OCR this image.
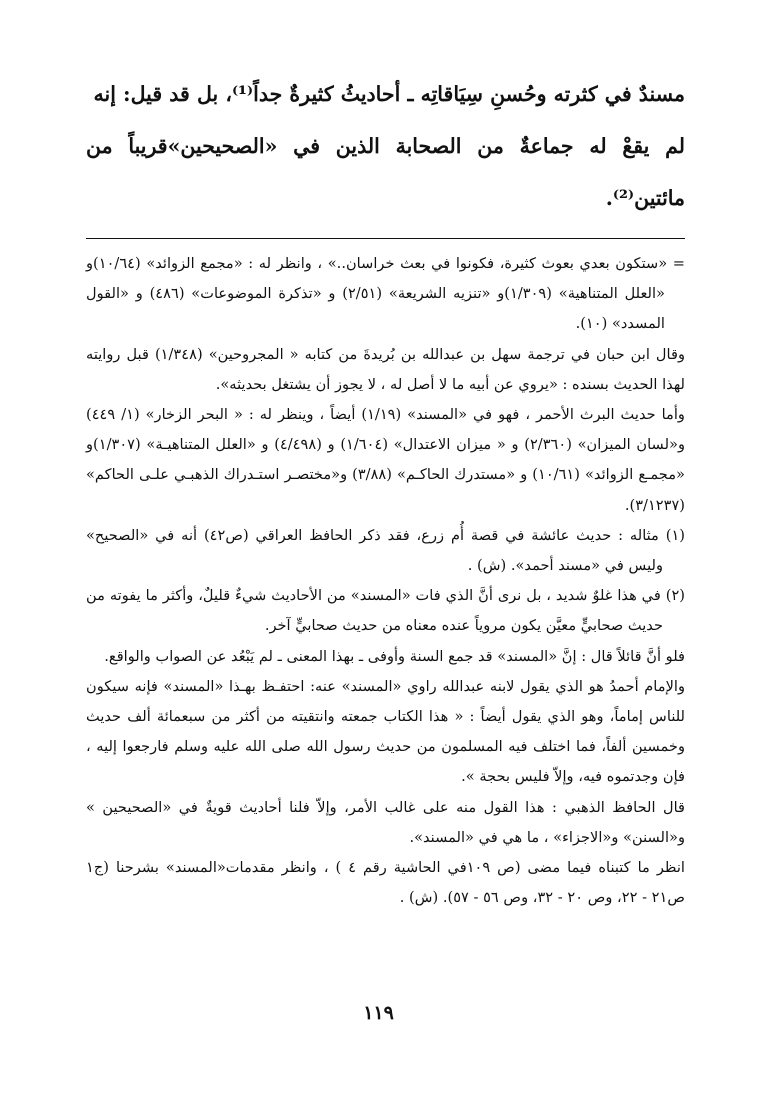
مسندٌ في كثرته وحُسنِ سِيَاقاتِه ـ أحاديثُ كثيرةٌ جداً⁽¹⁾، بل قد قيل: إنه

لم يقعْ له جماعةٌ من الصحابة الذين في «الصحيحين»قريباً من مائتين⁽²⁾.

= «ستكون بعدي بعوث كثيرة، فكونوا في بعث خراسان..» ، وانظر له : «مجمع الزوائد» (١٠/٦٤)و «العلل المتناهية» (١/٣٠٩)و «تنزيه الشريعة» (٢/٥١) و «تذكرة الموضوعات» (٤٨٦) و «القول المسدد» (١٠).

وقال ابن حبان في ترجمة سهل بن عبدالله بن بُريدةَ من كتابه « المجروحين» (١/٣٤٨) قبل روايته لهذا الحديث بسنده : «يروي عن أبيه ما لا أصل له ، لا يجوز أن يشتغل بحديثه».

وأما حديث البرث الأحمر ، فهو في «المسند» (١/١٩) أيضاً ، وينظر له : « البحر الزخار» (١/ ٤٤٩) و«لسان الميزان» (٢/٣٦٠) و « ميزان الاعتدال» (١/٦٠٤) و (٤/٤٩٨) و «العلل المتناهيـة» (١/٣٠٧)و «مجمـع الزوائد» (١٠/٦١) و «مستدرك الحاكـم» (٣/٨٨) و«مختصـر استـدراك الذهبـي علـى الحاكم» (٣/١٢٣٧).

(١) مثاله : حديث عائشة في قصة أُم زرع، فقد ذكر الحافظ العراقي (ص٤٢) أنه في «الصحيح» وليس في «مسند أحمد». (ش) .

(٢) في هذا غلوٌ شديد ، بل نرى أنَّ الذي فات «المسند» من الأحاديث شيءٌ قليلٌ، وأكثر ما يفوته من حديث صحابيٍّ معيَّن يكون مروياً عنده معناه من حديث صحابيٍّ آخر.

فلو أنَّ قائلاً قال : إنَّ «المسند» قد جمع السنة وأوفى ـ بهذا المعنى ـ لم يَبْعُد عن الصواب والواقع.

والإمام أحمدُ هو الذي يقول لابنه عبدالله راوي «المسند» عنه: احتفـظ بهـذا «المسند» فإنه سيكون للناس إماماً، وهو الذي يقول أيضاً : « هذا الكتاب جمعته وانتقيته من أكثر من سبعمائة ألف حديث وخمسين ألفاً، فما اختلف فيه المسلمون من حديث رسول الله صلى الله عليه وسلم فارجعوا إليه ، فإن وجدتموه فيه، وإلاّ فليس بحجة ».

قال الحافظ الذهبي : هذا القول منه على غالب الأمر، وإلاّ فلنا أحاديث قويةٌ في «الصحيحين » و«السنن» و«الاجزاء» ، ما هي في «المسند».

انظر ما كتبناه فيما مضى (ص ١٠٩في الحاشية رقم ٤ ) ، وانظر مقدمات«المسند» بشرحنا (ج١ ص٢١ - ٢٢، وص ٢٠ - ٣٢، وص ٥٦ - ٥٧). (ش) .

١١٩
